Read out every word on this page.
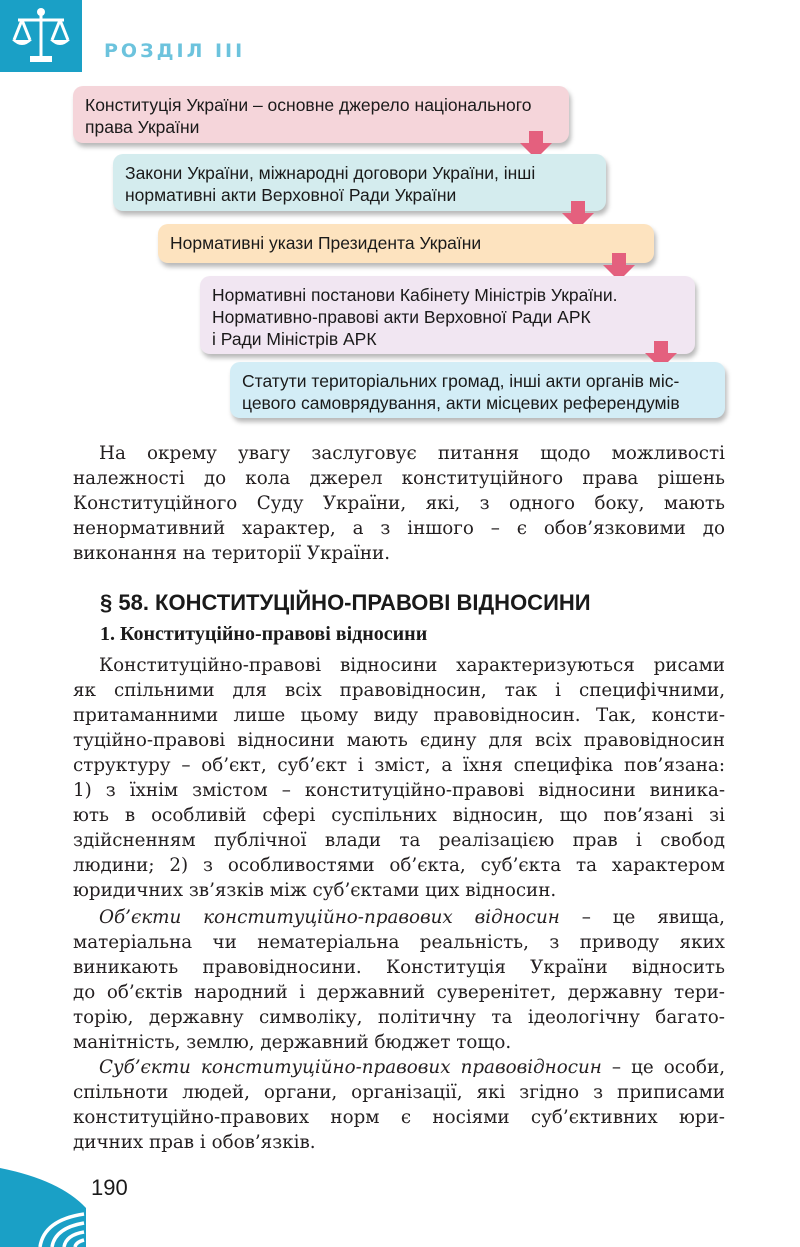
РОЗДІЛ ІІІ
Конституція України – основне джерело національного
права України
Закони України, міжнародні договори України, інші
нормативні акти Верховної Ради України
Нормативні укази Президента України
Нормативні постанови Кабінету Міністрів України.
Нормативно-правові акти Верховної Ради АРК
і Ради Міністрів АРК
Статути територіальних громад, інші акти органів міс-
цевого самоврядування, акти місцевих референдумів
На окрему увагу заслуговує питання щодо можливості
належності до кола джерел конституційного права рішень
Конституційного Суду України, які, з одного боку, мають
ненормативний характер, а з іншого – є обов’язковими до
виконання на території України.
§ 58. КОНСТИТУЦІЙНО-ПРАВОВІ ВІДНОСИНИ
1. Конституційно-правові відносини
Конституційно-правові відносини характеризуються рисами
як спільними для всіх правовідносин, так і специфічними,
притаманними лише цьому виду правовідносин. Так, консти-
туційно-правові відносини мають єдину для всіх правовідносин
структуру – об’єкт, суб’єкт і зміст, а їхня специфіка пов’язана:
1) з їхнім змістом – конституційно-правові відносини виника-
ють в особливій сфері суспільних відносин, що пов’язані зі
здійсненням публічної влади та реалізацією прав і свобод
людини; 2) з особливостями об’єкта, суб’єкта та характером
юридичних зв’язків між суб’єктами цих відносин.
Об’єкти конституційно-правових відносин – це явища,
матеріальна чи нематеріальна реальність, з приводу яких
виникають правовідносини. Конституція України відносить
до об’єктів народний і державний суверенітет, державну тери-
торію, державну символіку, політичну та ідеологічну багато-
манітність, землю, державний бюджет тощо.
Суб’єкти конституційно-правових правовідносин – це особи,
спільноти людей, органи, організації, які згідно з приписами
конституційно-правових норм є носіями суб’єктивних юри-
дичних прав і обов’язків.
190
